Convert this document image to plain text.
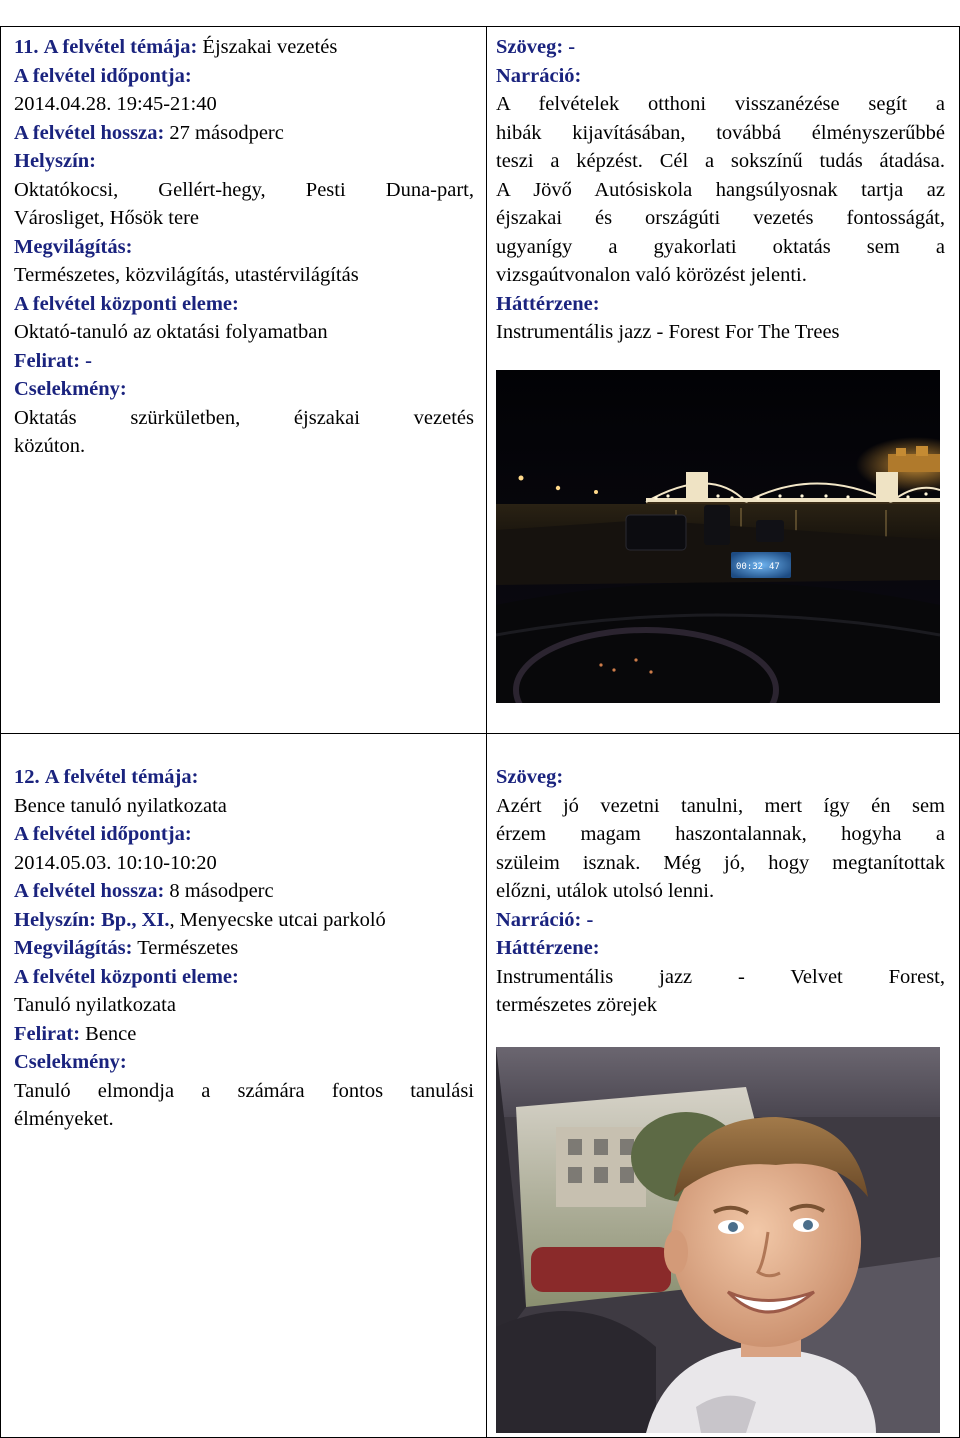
11. A felvétel témája: Éjszakai vezetés
A felvétel időpontja:
2014.04.28. 19:45-21:40
A felvétel hossza: 27 másodperc
Helyszín:
Oktatókocsi, Gellért-hegy, Pesti Duna-part,
Városliget, Hősök tere
Megvilágítás:
Természetes, közvilágítás, utastérvilágítás
A felvétel központi eleme:
Oktató-tanuló az oktatási folyamatban
Felirat: -
Cselekmény:
Oktatás szürkületben, éjszakai vezetés
közúton.
Szöveg: -
Narráció:
A felvételek otthoni visszanézése segít a
hibák kijavításában, továbbá élményszerűbbé
teszi a képzést. Cél a sokszínű tudás átadása.
A Jövő Autósiskola hangsúlyosnak tartja az
éjszakai és országúti vezetés fontosságát,
ugyanígy a gyakorlati oktatás sem a
vizsgaútvonalon való körözést jelenti.
Háttérzene:
Instrumentális jazz - Forest For The Trees
00:32 47
12. A felvétel témája:
Bence tanuló nyilatkozata
A felvétel időpontja:
2014.05.03. 10:10-10:20
A felvétel hossza: 8 másodperc
Helyszín: Bp., XI., Menyecske utcai parkoló
Megvilágítás: Természetes
A felvétel központi eleme:
Tanuló nyilatkozata
Felirat: Bence
Cselekmény:
Tanuló elmondja a számára fontos tanulási
élményeket.
Szöveg:
Azért jó vezetni tanulni, mert így én sem
érzem magam haszontalannak, hogyha a
szüleim isznak. Még jó, hogy megtanítottak
előzni, utálok utolsó lenni.
Narráció: -
Háttérzene:
Instrumentális jazz - Velvet Forest,
természetes zörejek
